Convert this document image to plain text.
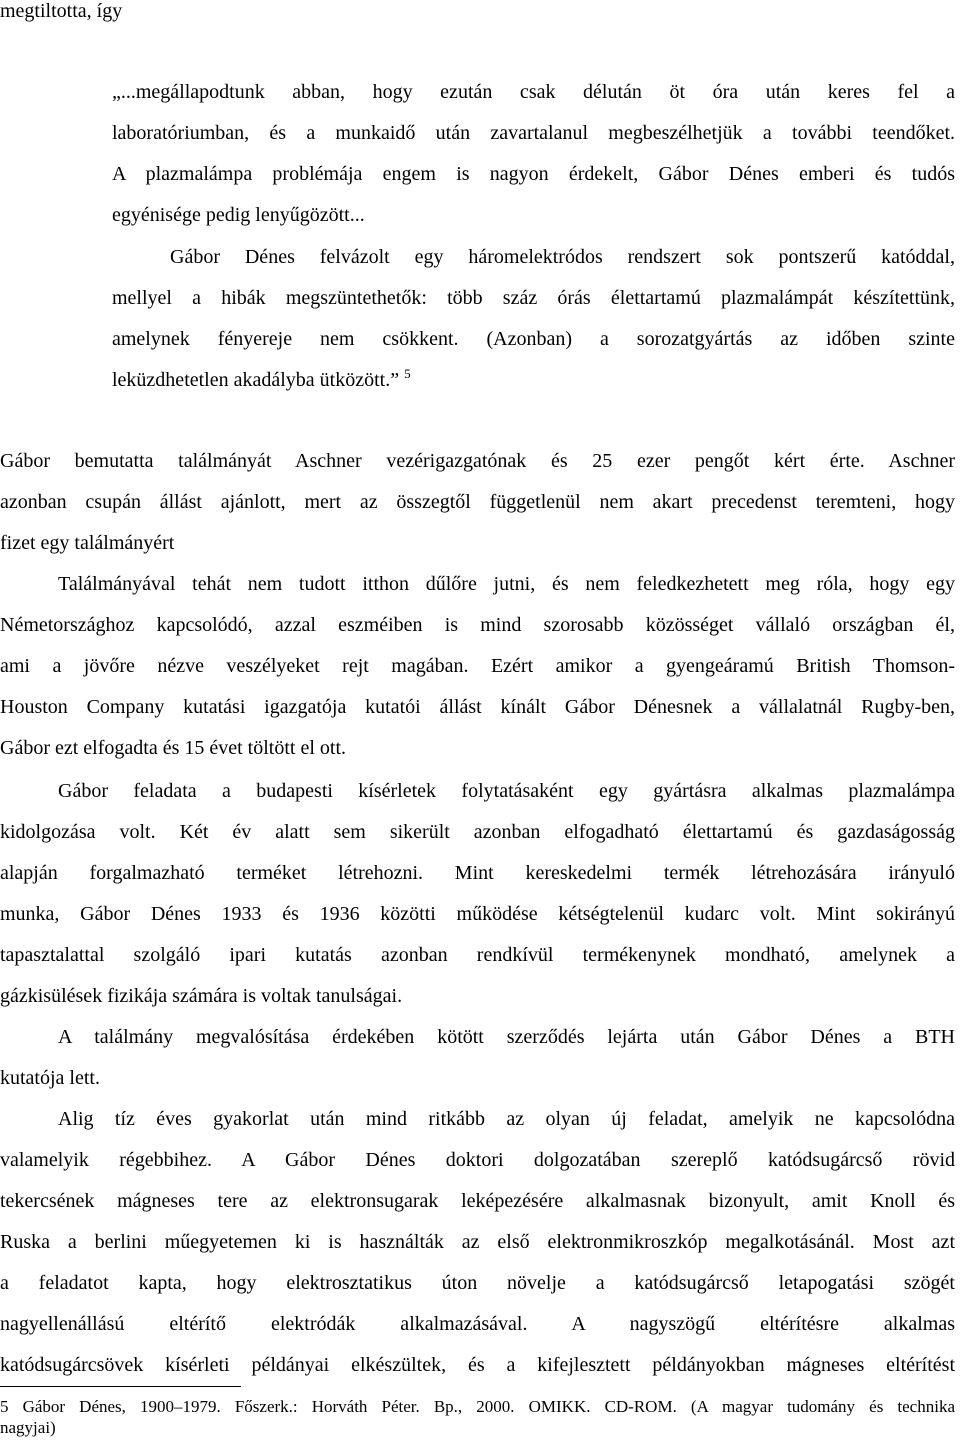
megtiltotta, így
„...megállapodtunk abban, hogy ezután csak délután öt óra után keres fel a
laboratóriumban, és a munkaidő után zavartalanul megbeszélhetjük a további teendőket.
A plazmalámpa problémája engem is nagyon érdekelt, Gábor Dénes emberi és tudós
egyénisége pedig lenyűgözött...
Gábor Dénes felvázolt egy háromelektródos rendszert sok pontszerű katóddal,
mellyel a hibák megszüntethetők: több száz órás élettartamú plazmalámpát készítettünk,
amelynek fényereje nem csökkent. (Azonban) a sorozatgyártás az időben szinte
leküzdhetetlen akadályba ütközött.” $^5$
Gábor bemutatta találmányát Aschner vezérigazgatónak és 25 ezer pengőt kért érte. Aschner
azonban csupán állást ajánlott, mert az összegtől függetlenül nem akart precedenst teremteni, hogy
fizet egy találmányért
Találmányával tehát nem tudott itthon dűlőre jutni, és nem feledkezhetett meg róla, hogy egy
Németországhoz kapcsolódó, azzal eszméiben is mind szorosabb közösséget vállaló országban él,
ami a jövőre nézve veszélyeket rejt magában. Ezért amikor a gyengeáramú British Thomson-
Houston Company kutatási igazgatója kutatói állást kínált Gábor Dénesnek a vállalatnál Rugby-ben,
Gábor ezt elfogadta és 15 évet töltött el ott.
Gábor feladata a budapesti kísérletek folytatásaként egy gyártásra alkalmas plazmalámpa
kidolgozása volt. Két év alatt sem sikerült azonban elfogadható élettartamú és gazdaságosság
alapján forgalmazható terméket létrehozni. Mint kereskedelmi termék létrehozására irányuló
munka, Gábor Dénes 1933 és 1936 közötti működése kétségtelenül kudarc volt. Mint sokirányú
tapasztalattal szolgáló ipari kutatás azonban rendkívül termékenynek mondható, amelynek a
gázkisülések fizikája számára is voltak tanulságai.
A találmány megvalósítása érdekében kötött szerződés lejárta után Gábor Dénes a BTH
kutatója lett.
Alig tíz éves gyakorlat után mind ritkább az olyan új feladat, amelyik ne kapcsolódna
valamelyik régebbihez. A Gábor Dénes doktori dolgozatában szereplő katódsugárcső rövid
tekercsének mágneses tere az elektronsugarak leképezésére alkalmasnak bizonyult, amit Knoll és
Ruska a berlini műegyetemen ki is használták az első elektronmikroszkóp megalkotásánál. Most azt
a feladatot kapta, hogy elektrosztatikus úton növelje a katódsugárcső letapogatási szögét
nagyellenállású eltérítő elektródák alkalmazásával. A nagyszögű eltérítésre alkalmas
katódsugárcsövek kísérleti példányai elkészültek, és a kifejlesztett példányokban mágneses eltérítést
5 Gábor Dénes, 1900–1979. Főszerk.: Horváth Péter. Bp., 2000. OMIKK. CD-ROM. (A magyar tudomány és technika
nagyjai)
